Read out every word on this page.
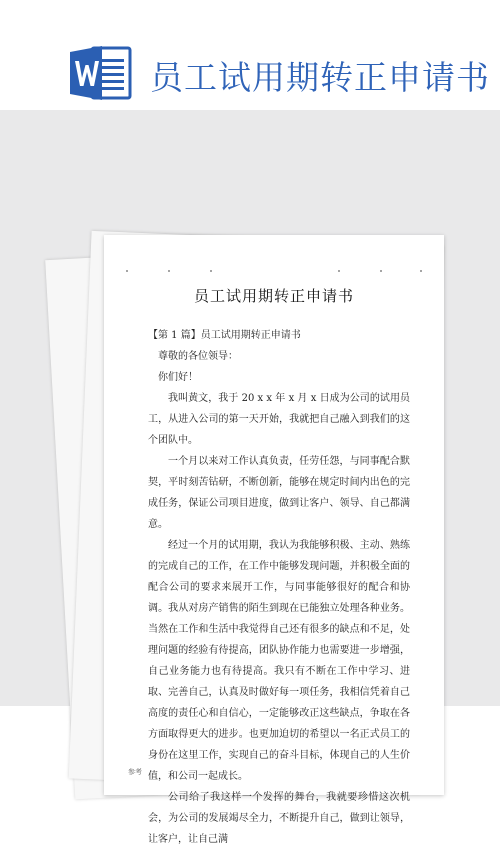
员工试用期转正申请书
员工试用期转正申请书

【第 1 篇】员工试用期转正申请书

尊敬的各位领导：

你们好！

我叫黄文，我于 20 x x 年 x 月 x 日成为公司的试用员工，从进入公司的第一天开始，我就把自己融入到我们的这个团队中。

一个月以来对工作认真负责，任劳任怨，与同事配合默契，平时刻苦钻研，不断创新，能够在规定时间内出色的完成任务，保证公司项目进度，做到让客户、领导、自己都满意。

经过一个月的试用期，我认为我能够积极、主动、熟练的完成自己的工作，在工作中能够发现问题，并积极全面的配合公司的要求来展开工作，与同事能够很好的配合和协调。我从对房产销售的陌生到现在已能独立处理各种业务。当然在工作和生活中我觉得自己还有很多的缺点和不足，处理问题的经验有待提高，团队协作能力也需要进一步增强，自己业务能力也有待提高。我只有不断在工作中学习、进取、完善自己，认真及时做好每一项任务，我相信凭着自己高度的责任心和自信心，一定能够改正这些缺点，争取在各方面取得更大的进步。也更加迫切的希望以一名正式员工的身份在这里工作，实现自己的奋斗目标，体现自己的人生价值，和公司一起成长。

公司给了我这样一个发挥的舞台，我就要珍惜这次机会，为公司的发展竭尽全力，不断提升自己，做到让领导，让客户，让自己满

参考
